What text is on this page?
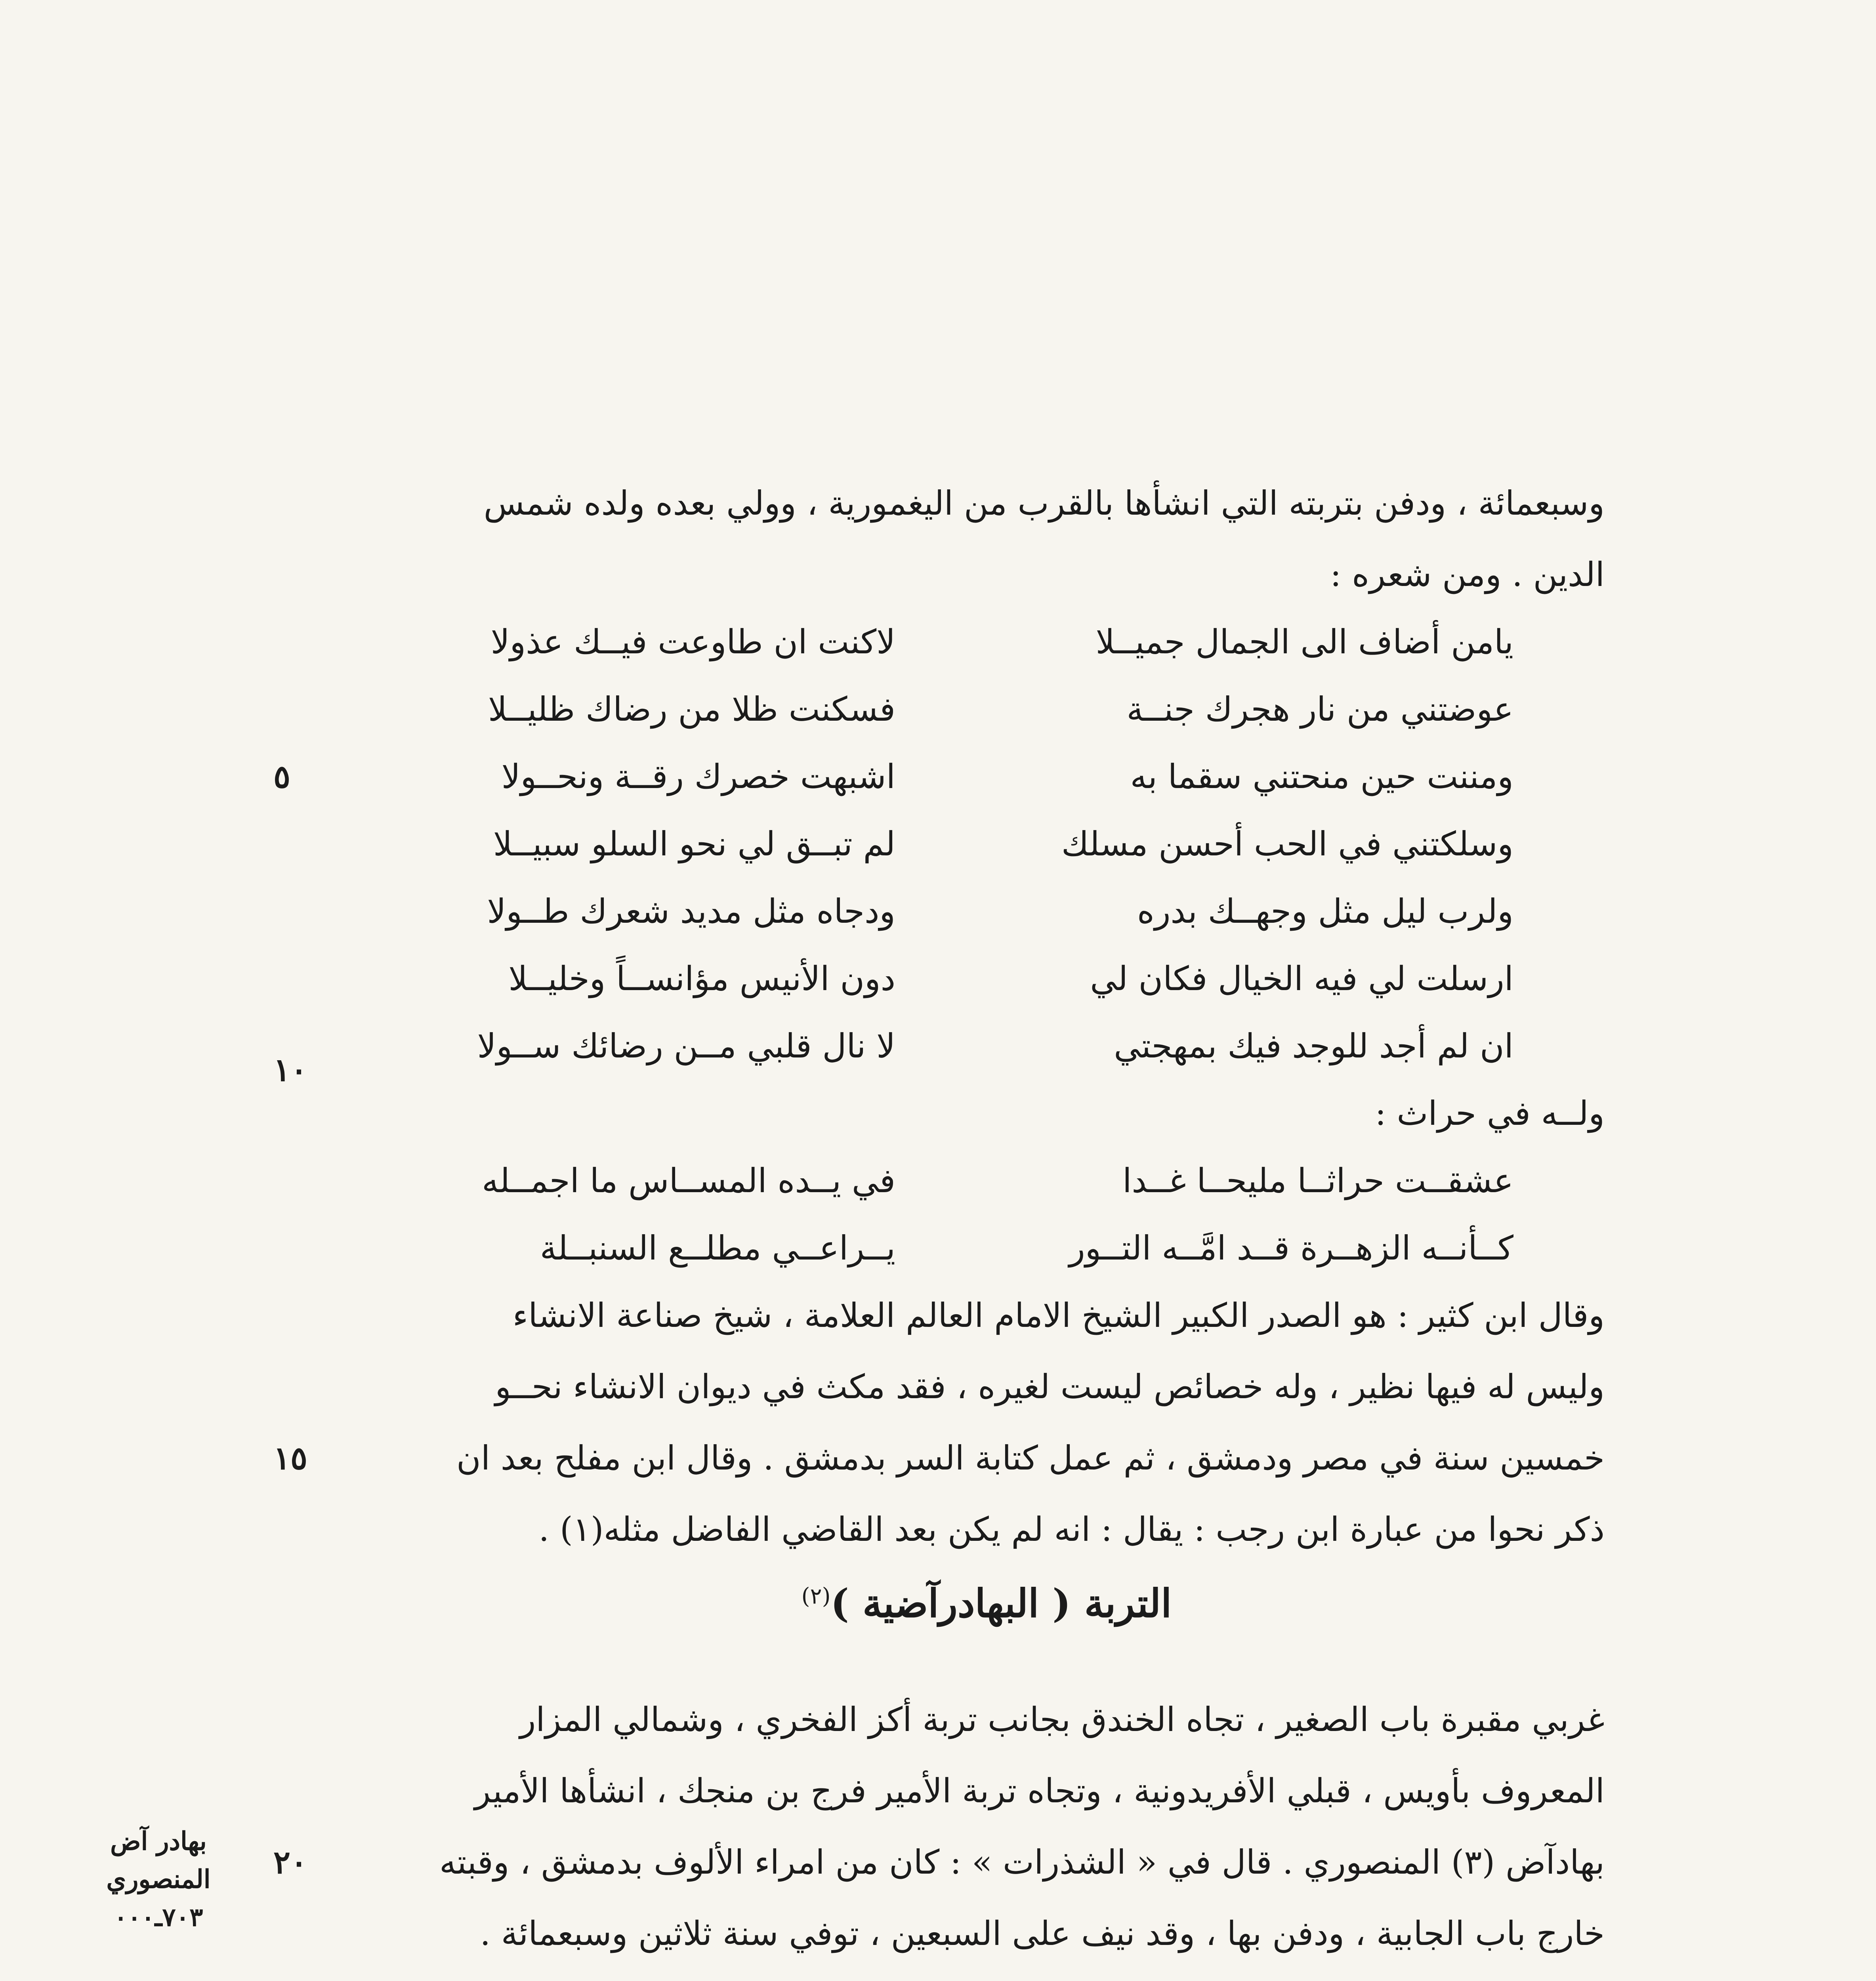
وسبعمائة ، ودفن بتربته التي انشأها بالقرب من اليغمورية ، وولي بعده ولده شمس
الدين . ومن شعره :
يامن أضاف الى الجمال جميــلا
لاكنت ان طاوعت فيــك عذولا
عوضتني من نار هجرك جنــة
فسكنت ظلا من رضاك ظليــلا
ومننت حين منحتني سقما به
اشبهت خصرك رقــة ونحــولا
وسلكتني في الحب أحسن مسلك
لم تبــق لي نحو السلو سبيــلا
ولرب ليل مثل وجهــك بدره
ودجاه مثل مديد شعرك طــولا
ارسلت لي فيه الخيال فكان لي
دون الأنيس مؤانســاً وخليــلا
ان لم أجد للوجد فيك بمهجتي
لا نال قلبي مــن رضائك ســولا
ولــه في حراث :
عشقــت حراثــا مليحــا غــدا
في يــده المســاس ما اجمــله
كــأنــه الزهــرة قــد امَّــه التــور
يــراعــي مطلــع السنبــلة
وقال ابن كثير : هو الصدر الكبير الشيخ الامام العالم العلامة ، شيخ صناعة الانشاء
وليس له فيها نظير ، وله خصائص ليست لغيره ، فقد مكث في ديوان الانشاء نحــو
خمسين سنة في مصر ودمشق ، ثم عمل كتابة السر بدمشق . وقال ابن مفلح بعد ان
ذكر نحوا من عبارة ابن رجب : يقال : انه لم يكن بعد القاضي الفاضل مثله(١) .
التربة ( البهادرآضية )$^{(٢)}$
غربي مقبرة باب الصغير ، تجاه الخندق بجانب تربة أكز الفخري ، وشمالي المزار
المعروف بأويس ، قبلي الأفريدونية ، وتجاه تربة الأمير فرج بن منجك ، انشأها الأمير
بهادآض (٣) المنصوري . قال في « الشذرات » : كان من امراء الألوف بدمشق ، وقبته
خارج باب الجابية ، ودفن بها ، وقد نيف على السبعين ، توفي سنة ثلاثين وسبعمائة .
٥
١٠
١٥
٢٠
بهادر آض
المنصوري
٧٠٣ـ٠٠٠
